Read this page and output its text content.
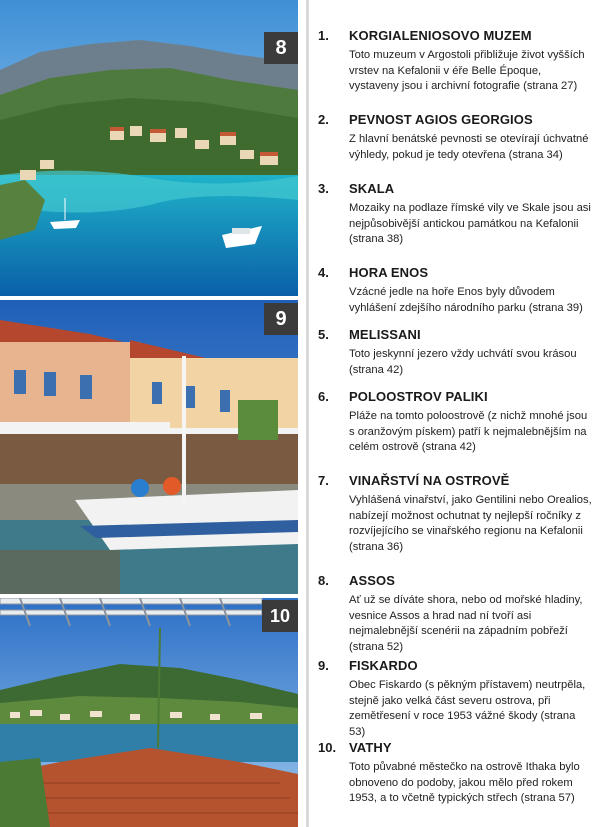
8
9
10
1. KORGIALENIOSOVO MUZEM
Toto muzeum v Argostoli přibližuje život vyšších vrstev na Kefalonii v éře Belle Époque, vystaveny jsou i archivní fotografie (strana 27)
2. PEVNOST AGIOS GEORGIOS
Z hlavní benátské pevnosti se otevírají úchvatné výhledy, pokud je tedy otevřena (strana 34)
3. SKALA
Mozaiky na podlaze římské vily ve Skale jsou asi nejpůsobivější antickou památkou na Kefalonii (strana 38)
4. HORA ENOS
Vzácné jedle na hoře Enos byly důvodem vyhlášení zdejšího národního parku (strana 39)
5. MELISSANI
Toto jeskynní jezero vždy uchvátí svou krásou (strana 42)
6. POLOOSTROV PALIKI
Pláže na tomto poloostrově (z nichž mnohé jsou s oranžovým pískem) patří k nejmalebnějším na celém ostrově (strana 42)
7. VINAŘSTVÍ NA OSTROVĚ
Vyhlášená vinařství, jako Gentilini nebo Orealios, nabízejí možnost ochutnat ty nejlepší ročníky z rozvíjejícího se vinařského regionu na Kefalonii (strana 36)
8. ASSOS
Ať už se díváte shora, nebo od mořské hladiny, vesnice Assos a hrad nad ní tvoří asi nejmalebnější scenérii na západním pobřeží (strana 52)
9. FISKARDO
Obec Fiskardo (s pěkným přístavem) neutrpěla, stejně jako velká část severu ostrova, při zemětřesení v roce 1953 vážné škody (strana 53)
10. VATHY
Toto půvabné městečko na ostrově Ithaka bylo obnoveno do podoby, jakou mělo před rokem 1953, a to včetně typických střech (strana 57)
